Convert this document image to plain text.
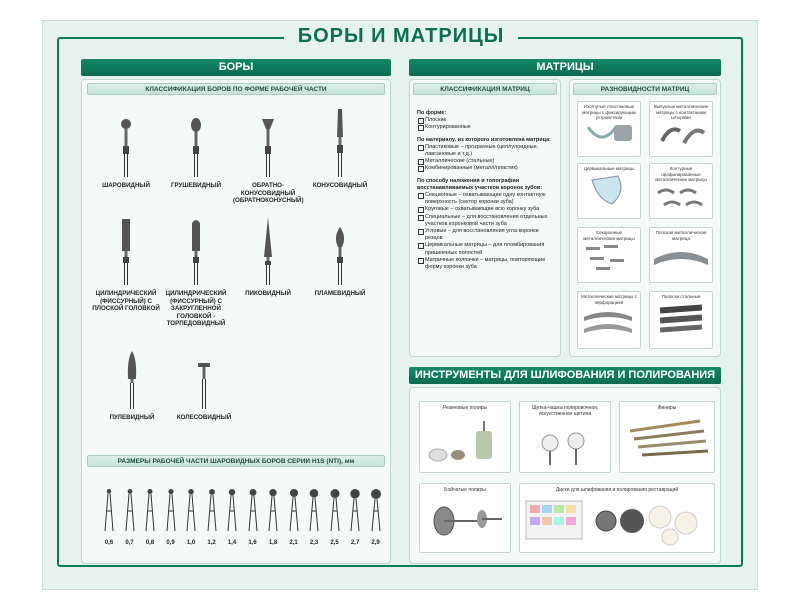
БОРЫ И МАТРИЦЫ
БОРЫ
КЛАССИФИКАЦИЯ БОРОВ ПО ФОРМЕ РАБОЧЕЙ ЧАСТИ
ШАРОВИДНЫЙ	ГРУШЕВИДНЫЙ	ОБРАТНО-КОНУСОВИДНЫЙ (ОБРАТНОКОНУСНЫЙ)
КОНУСОВИДНЫЙ
ЦИЛИНДРИЧЕСКИЙ (ФИССУРНЫЙ) С ПЛОСКОЙ ГОЛОВКОЙ
ЦИЛИНДРИЧЕСКИЙ (ФИССУРНЫЙ) С ЗАКРУГЛЕННОЙ ГОЛОВКОЙ - ТОРПЕДОВИДНЫЙ
ПИКОВИДНЫЙ	ПЛАМЕВИДНЫЙ
ПУЛЕВИДНЫЙ	КОЛЕСОВИДНЫЙ
РАЗМЕРЫ РАБОЧЕЙ ЧАСТИ ШАРОВИДНЫХ БОРОВ СЕРИИ H1S (NTI), мм
0,6	0,7	0,8	0,9	1,0	1,2	1,4	1,6	1,8	2,1	2,3	2,5	2,7	2,9
МАТРИЦЫ
КЛАССИФИКАЦИЯ МАТРИЦ
По форме:
Плоские
Контурированные
По материалу, из которого изготовлена матрица:
Пластиковые – прозрачные (целлулоидные, лавсановые и т.д.)
Металлические (стальные)
Комбинированные (металл/пластик)
По способу наложения и топографии восстанавливаемых участков коронок зубов:
Секционные – охватывающие одну контактную поверхность (сектор коронки зуба)
Круговые – охватывающие всю коронку зуба
Специальные – для восстановления отдельных участков коронковой части зуба
Угловые – для восстановления угла коронки резцов
Цервикальные матрицы – для пломбирования пришеечных полостей
Матричные колпачки – матрицы, повторяющие форму коронки зуба
РАЗНОВИДНОСТИ МАТРИЦ
Изогнутые пластиковые матрицы с фиксирующим устройством
Выпуклые металлические матрицы с контактными штырями
Цервикальные матрицы	Контурные профилированные металлические матрицы
Секционные металлические матрицы
Плоская металлическая матрица
Металлические матрицы с перфорацией
Полоски стальные
ИНСТРУМЕНТЫ ДЛЯ ШЛИФОВАНИЯ И ПОЛИРОВАНИЯ
Резиновые полиры	Щетка-чашка полировочная, искусственная щетина
Финиры
Бойчатые полиры	Диски для шлифования и полирования реставраций
